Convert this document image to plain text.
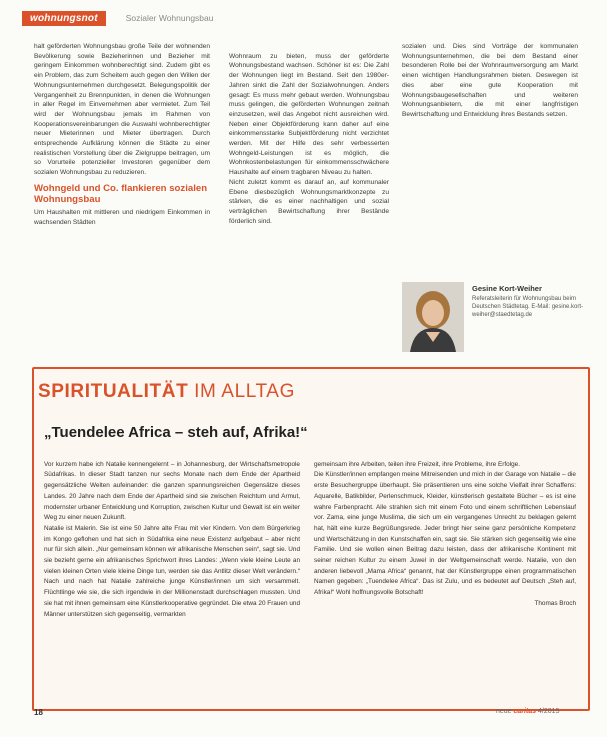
wohnungsnot	Sozialer Wohnungsbau

halt geförderten Wohnungsbau große Teile der wohnenden Bevölkerung sowie Bezieherinnen und Bezieher mit geringem Einkommen wohnberechtigt sind. Zudem gibt es ein Problem, das zum Scheitern auch gegen den Willen der Wohnungsunternehmen durchgesetzt. Belegungspolitik der Vergangenheit zu Brennpunkten, in denen die Wohnungen in aller Regel im Einvernehmen aber vermietet. Zum Teil wird der Wohnungsbau jemals im Rahmen von Kooperationsvereinbarungen die Auswahl wohnberechtigter neuer Mieterinnen und Mieter übertragen. Durch entsprechende Aufklärung können die Städte zu einer realistischen Vorstellung über die Zielgruppe beitragen, um so Vorurteile potenzieller Investoren gegenüber dem sozialen Wohnungsbau zu reduzieren.

Wohngeld und Co. flankieren sozialen Wohnungsbau

Um Haushalten mit mittleren und niedrigem Einkommen in wachsenden Städten

Wohnraum zu bieten, muss der geförderte Wohnungsbestand wachsen. Schöner ist es: Die Zahl der Wohnungen liegt im Bestand. Seit den 1980er-Jahren sinkt die Zahl der Sozialwohnungen. Anders gesagt: Es muss mehr gebaut werden. Wohnungsbau muss gelingen, die geförderten Wohnungen zeitnah einzusetzen, weil das Angebot nicht ausreichen wird. Neben einer Objektförderung kann daher auf eine einkommensstarke Subjektförderung nicht verzichtet werden. Mit der Hilfe des sehr verbesserten Wohngeld-Leistungen ist es möglich, die Wohnkostenbelastungen für einkommensschwächere Haushalte auf einem tragbaren Niveau zu halten.
Nicht zuletzt kommt es darauf an, auf kommunaler Ebene diesbezüglich Wohnungsmarktkonzepte zu stärken, die es einer nachhaltigen und sozial verträglichen Bewirtschaftung ihrer Bestände förderlich sind.

sozialen und. Dies sind Vorträge der kommunalen Wohnungsunternehmen, die bei dem Bestand einer besonderen Rolle bei der Wohnraumversorgung am Markt einen wichtigen Handlungsrahmen bieten. Deswegen ist dies aber eine gute Kooperation mit Wohnungsbaugesellschaften und weiteren Wohnungsanbietern, die mit einer langfristigen Bewirtschaftung und Entwicklung ihres Bestands setzen.

Gesine Kort-Weiher
Referatsleiterin für Wohnungsbau beim Deutschen Städtetag. E-Mail: gesine.kort-weiher@staedtetag.de
SPIRITUALITÄT IM ALLTAG
„Tuendelee Africa – steh auf, Afrika!“

Vor kurzem habe ich Natalie kennengelernt – in Johannesburg, der Wirtschaftsmetropole Südafrikas. In dieser Stadt tanzen nur sechs Monate nach dem Ende der Apartheid gegensätzliche Welten aufeinander: die ganzen spannungsreichen Gegensätze dieses Landes. 20 Jahre nach dem Ende der Apartheid sind sie zwischen Reichtum und Armut, modernster urbaner Entwicklung und Korruption, zwischen Kultur und Gewalt ist ein weiter Weg zu einer neuen Zukunft.
Natalie ist Malerin. Sie ist eine 50 Jahre alte Frau mit vier Kindern. Von dem Bürgerkrieg im Kongo geflohen und hat sich in Südafrika eine neue Existenz aufgebaut – aber nicht nur für sich allein. „Nur gemeinsam können wir afrikanische Menschen sein“, sagt sie. Und sie bezieht gerne ein afrikanisches Sprichwort ihres Landes: „Wenn viele kleine Leute an vielen kleinen Orten viele kleine Dinge tun, werden sie das Antlitz dieser Welt verändern.“ Nach und nach hat Natalie zahlreiche junge Künstler/innen um sich versammelt. Flüchtlinge wie sie, die sich irgendwie in der Millionenstadt durchschlagen mussten. Und sie hat mit ihnen gemeinsam eine Künstlerkooperative gegründet. Die etwa 20 Frauen und Männer unterstützen sich gegenseitig, vermarkten

gemeinsam ihre Arbeiten, teilen ihre Freizeit, ihre Probleme, ihre Erfolge.
Die Künstler/innen empfangen meine Mitreisenden und mich in der Garage von Natalie – die erste Besuchergruppe überhaupt. Sie präsentieren uns eine solche Vielfalt ihrer Schaffens: Aquarelle, Batikbilder, Perlenschmuck, Kleider, künstlerisch gestaltete Bücher – es ist eine wahre Farbenpracht. Alle strahlen sich mit einem Foto und einem schriftlichen Lebenslauf vor. Zama, eine junge Muslima, die sich um ein vergangenes Unrecht zu beklagen gelernt hat, hält eine kurze Begrüßungsrede. Jeder bringt hier seine ganz persönliche Kompetenz und Wertschätzung in den Kunstschaffen ein, sagt sie. Sie stärken sich gegenseitig wie eine Familie. Und sie wollen einen Beitrag dazu leisten, dass der afrikanische Kontinent mit seiner reichen Kultur zu einem Juwel in der Weltgemeinschaft werde. Natalie, von den anderen liebevoll „Mama Africa“ genannt, hat der Künstlergruppe einen programmatischen Namen gegeben: „Tuendelee Africa“. Das ist Zulu, und es bedeutet auf Deutsch „Steh auf, Afrika!“ Wohl hoffnungsvolle Botschaft!

Thomas Broch

18	neue caritas 4/2015
